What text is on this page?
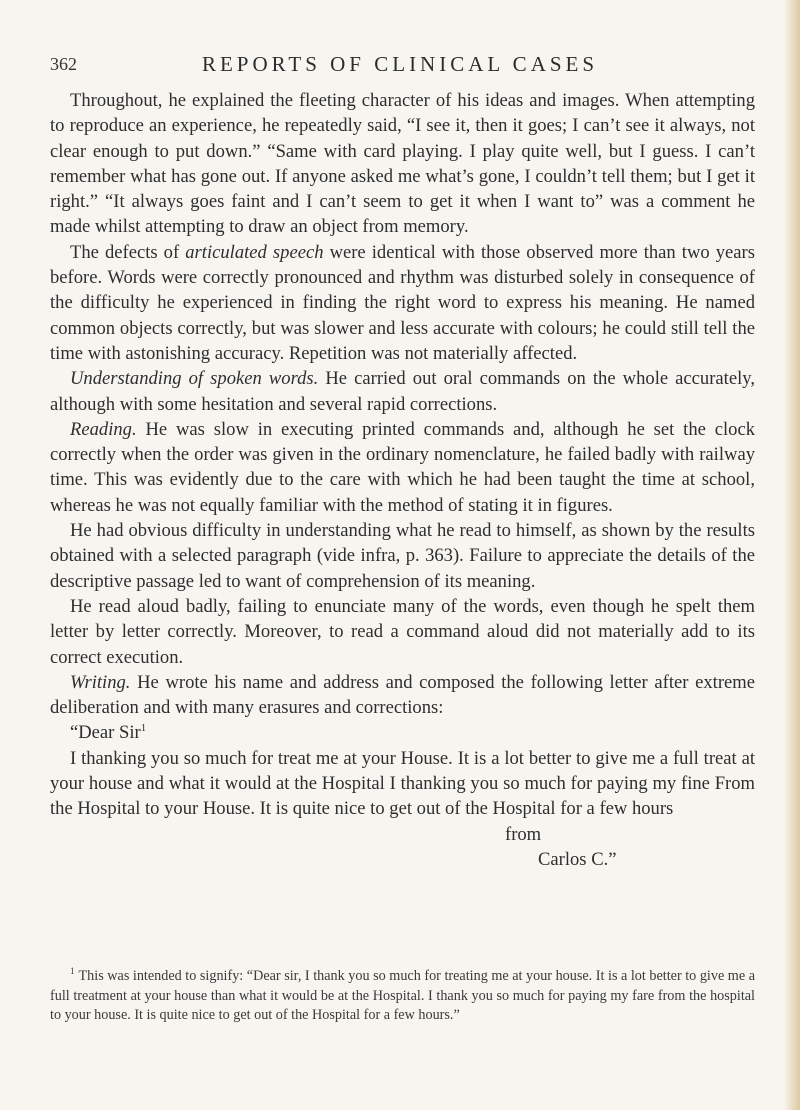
362	REPORTS OF CLINICAL CASES

Throughout, he explained the fleeting character of his ideas and images. When attempting to reproduce an experience, he repeatedly said, “I see it, then it goes; I can’t see it always, not clear enough to put down.” “Same with card playing. I play quite well, but I guess. I can’t remember what has gone out. If anyone asked me what’s gone, I couldn’t tell them; but I get it right.” “It always goes faint and I can’t seem to get it when I want to” was a comment he made whilst attempting to draw an object from memory.

The defects of articulated speech were identical with those observed more than two years before. Words were correctly pronounced and rhythm was disturbed solely in consequence of the difficulty he experienced in finding the right word to express his meaning. He named common objects correctly, but was slower and less accurate with colours; he could still tell the time with astonishing accuracy. Repetition was not materially affected.

Understanding of spoken words. He carried out oral commands on the whole accurately, although with some hesitation and several rapid corrections.

Reading. He was slow in executing printed commands and, although he set the clock correctly when the order was given in the ordinary nomenclature, he failed badly with railway time. This was evidently due to the care with which he had been taught the time at school, whereas he was not equally familiar with the method of stating it in figures.

He had obvious difficulty in understanding what he read to himself, as shown by the results obtained with a selected paragraph (vide infra, p. 363). Failure to appreciate the details of the descriptive passage led to want of comprehension of its meaning.

He read aloud badly, failing to enunciate many of the words, even though he spelt them letter by letter correctly. Moreover, to read a command aloud did not materially add to its correct execution.

Writing. He wrote his name and address and composed the following letter after extreme deliberation and with many erasures and corrections:

“Dear Sir$^1$

I thanking you so much for treat me at your House. It is a lot better to give me a full treat at your house and what it would at the Hospital I thanking you so much for paying my fine From the Hospital to your House. It is quite nice to get out of the Hospital for a few hours

from

Carlos C.”

$^1$ This was intended to signify: “Dear sir, I thank you so much for treating me at your house. It is a lot better to give me a full treatment at your house than what it would be at the Hospital. I thank you so much for paying my fare from the hospital to your house. It is quite nice to get out of the Hospital for a few hours.”
